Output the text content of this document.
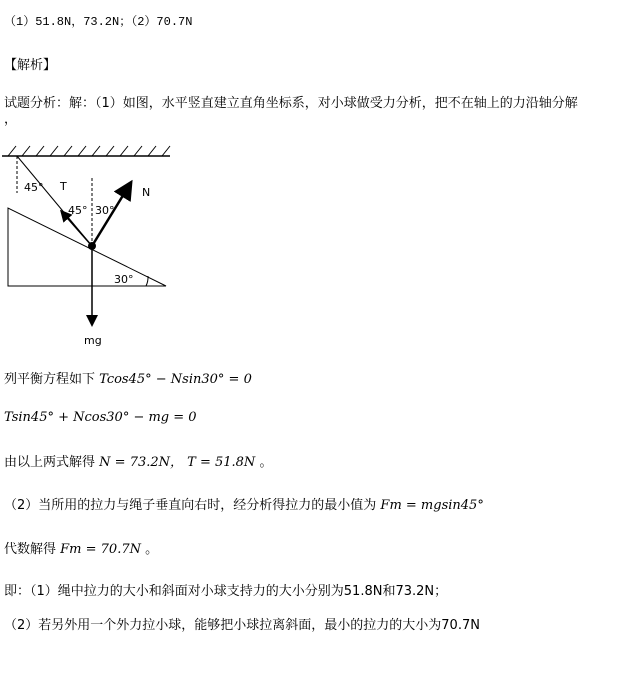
（1）51.8N，73.2N；（2）70.7N
【解析】
试题分析：解：（1）如图，水平竖直建立直角坐标系，对小球做受力分析，把不在轴上的力沿轴分解
，
45° T	N
45° 30°
30°
mg
列平衡方程如下 Tcos45° − Nsin30° = 0
Tsin45° + Ncos30° − mg = 0
由以上两式解得 N = 73.2N， T = 51.8N 。
（2）当所用的拉力与绳子垂直向右时，经分析得拉力的最小值为 Fm = mgsin45°
代数解得 Fm = 70.7N 。
即：（1）绳中拉力的大小和斜面对小球支持力的大小分别为51.8N和73.2N；
（2）若另外用一个外力拉小球，能够把小球拉离斜面，最小的拉力的大小为70.7N
